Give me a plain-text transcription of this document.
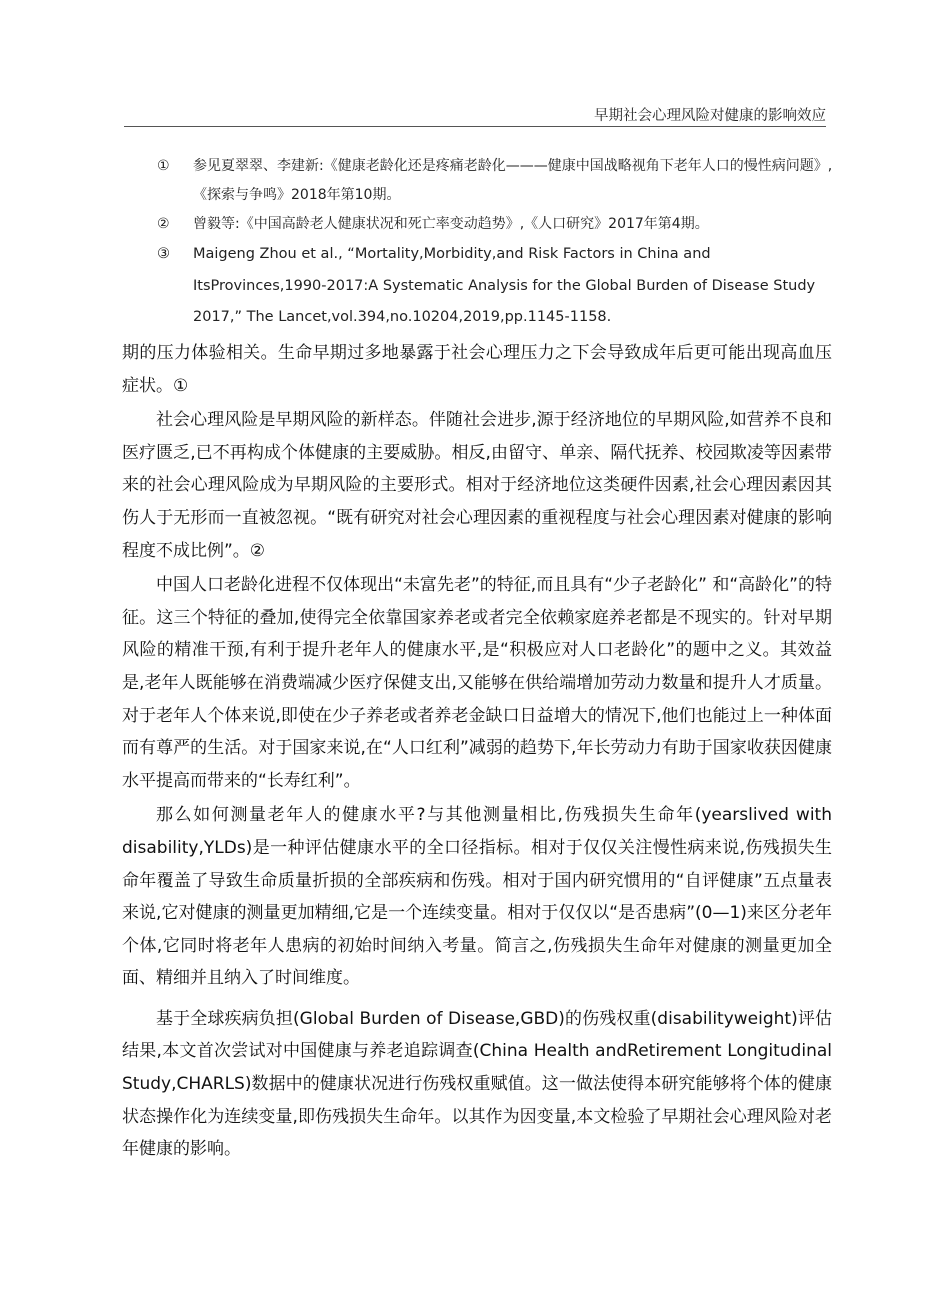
早期社会心理风险对健康的影响效应
①	参见夏翠翠、李建新:《健康老龄化还是疼痛老龄化———健康中国战略视角下老年人口的慢性病问题》,《探索与争鸣》2018年第10期。
②	曾毅等:《中国高龄老人健康状况和死亡率变动趋势》,《人口研究》2017年第4期。
③	Maigeng Zhou et al., “Mortality,Morbidity,and Risk Factors in China and ItsProvinces,1990-2017:A Systematic Analysis for the Global Burden of Disease Study 2017,” The Lancet,vol.394,no.10204,2019,pp.1145-1158.

期的压力体验相关。生命早期过多地暴露于社会心理压力之下会导致成年后更可能出现高血压症状。①

社会心理风险是早期风险的新样态。伴随社会进步,源于经济地位的早期风险,如营养不良和医疗匮乏,已不再构成个体健康的主要威胁。相反,由留守、单亲、隔代抚养、校园欺凌等因素带来的社会心理风险成为早期风险的主要形式。相对于经济地位这类硬件因素,社会心理因素因其伤人于无形而一直被忽视。“既有研究对社会心理因素的重视程度与社会心理因素对健康的影响程度不成比例”。②

中国人口老龄化进程不仅体现出“未富先老”的特征,而且具有“少子老龄化” 和“高龄化”的特征。这三个特征的叠加,使得完全依靠国家养老或者完全依赖家庭养老都是不现实的。针对早期风险的精准干预,有利于提升老年人的健康水平,是“积极应对人口老龄化”的题中之义。其效益是,老年人既能够在消费端减少医疗保健支出,又能够在供给端增加劳动力数量和提升人才质量。对于老年人个体来说,即使在少子养老或者养老金缺口日益增大的情况下,他们也能过上一种体面而有尊严的生活。对于国家来说,在“人口红利”减弱的趋势下,年长劳动力有助于国家收获因健康水平提高而带来的“长寿红利”。

那么如何测量老年人的健康水平?与其他测量相比,伤残损失生命年(yearslived with disability,YLDs)是一种评估健康水平的全口径指标。相对于仅仅关注慢性病来说,伤残损失生命年覆盖了导致生命质量折损的全部疾病和伤残。相对于国内研究惯用的“自评健康”五点量表来说,它对健康的测量更加精细,它是一个连续变量。相对于仅仅以“是否患病”(0—1)来区分老年个体,它同时将老年人患病的初始时间纳入考量。简言之,伤残损失生命年对健康的测量更加全面、精细并且纳入了时间维度。

基于全球疾病负担(Global Burden of Disease,GBD)的伤残权重(disabilityweight)评估结果,本文首次尝试对中国健康与养老追踪调查(China Health andRetirement Longitudinal Study,CHARLS)数据中的健康状况进行伤残权重赋值。这一做法使得本研究能够将个体的健康状态操作化为连续变量,即伤残损失生命年。以其作为因变量,本文检验了早期社会心理风险对老年健康的影响。
